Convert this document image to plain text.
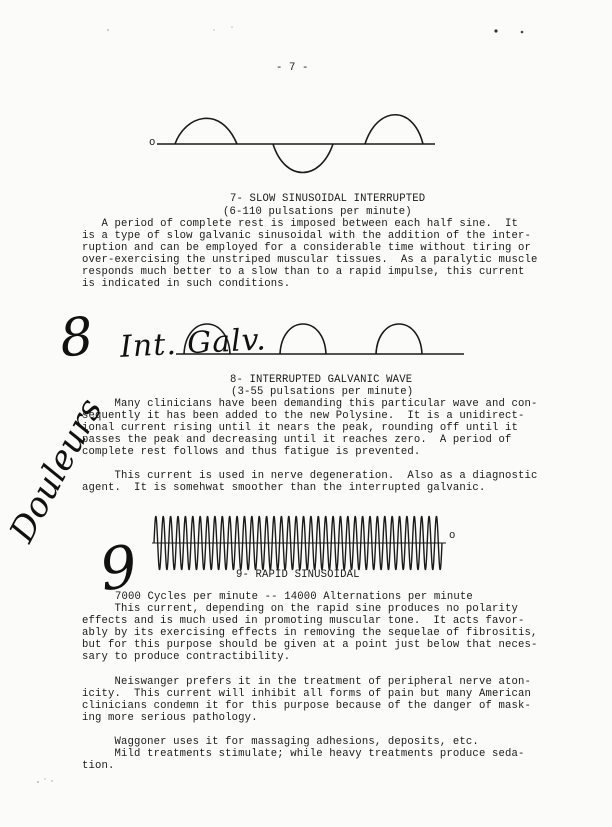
- 7 -
o
7- SLOW SINUSOIDAL INTERRUPTED
(6-110 pulsations per minute)
A period of complete rest is imposed between each half sine.  It
is a type of slow galvanic sinusoidal with the addition of the inter-
ruption and can be employed for a considerable time without tiring or
over-exercising the unstriped muscular tissues.  As a paralytic muscle
responds much better to a slow than to a rapid impulse, this current
is indicated in such conditions.
8 Int. Galv.
8- INTERRUPTED GALVANIC WAVE
(3-55 pulsations per minute)
Many clinicians have been demanding this particular wave and con-
sequently it has been added to the new Polysine.  It is a unidirect-
ional current rising until it nears the peak, rounding off until it
passes the peak and decreasing until it reaches zero.  A period of
complete rest follows and thus fatigue is prevented.
This current is used in nerve degeneration.  Also as a diagnostic
agent.  It is somehwat smoother than the interrupted galvanic.
o
Douleurs
9	9- RAPID SINUSOIDAL
7000 Cycles per minute -- 14000 Alternations per minute
This current, depending on the rapid sine produces no polarity
effects and is much used in promoting muscular tone.  It acts favor-
ably by its exercising effects in removing the sequelae of fibrositis,
but for this purpose should be given at a point just below that neces-
sary to produce contractibility.
Neiswanger prefers it in the treatment of peripheral nerve aton-
icity.  This current will inhibit all forms of pain but many American
clinicians condemn it for this purpose because of the danger of mask-
ing more serious pathology.
Waggoner uses it for massaging adhesions, deposits, etc.
Mild treatments stimulate; while heavy treatments produce seda-
tion.
